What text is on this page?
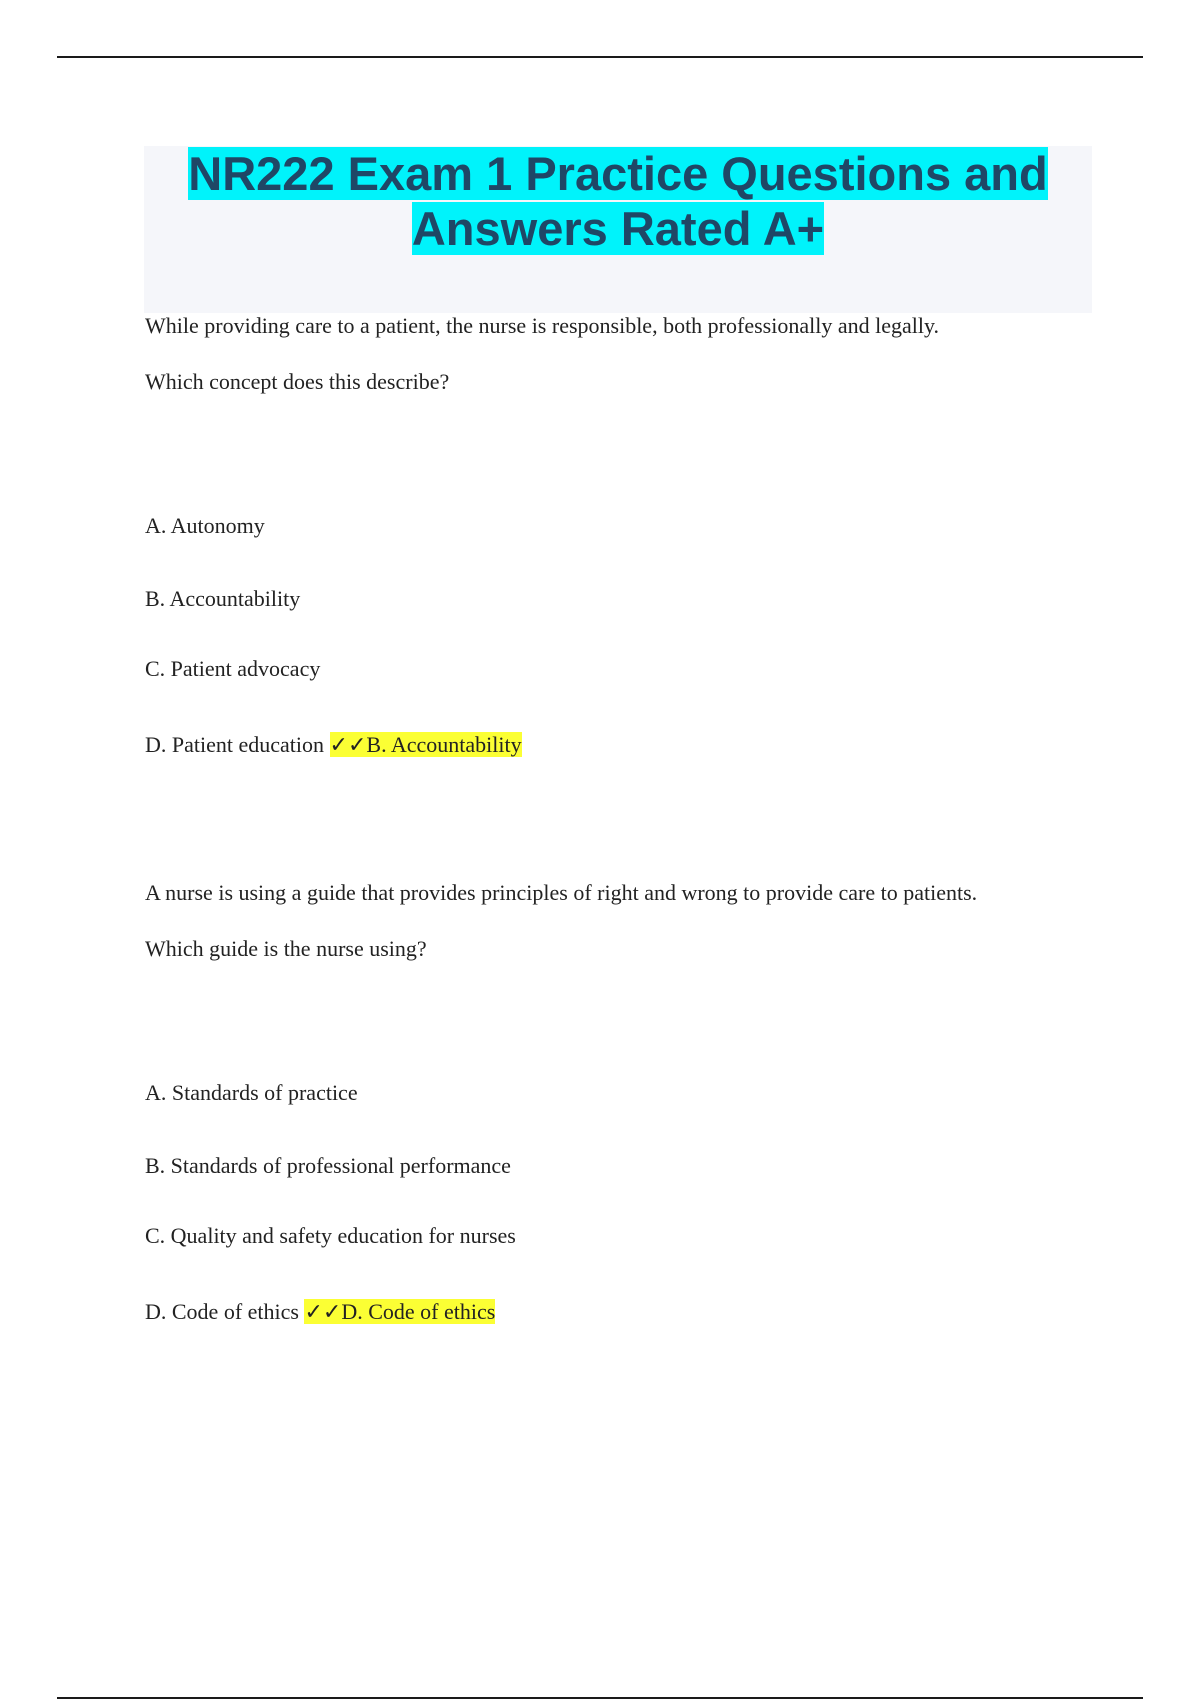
NR222 Exam 1 Practice Questions and
Answers Rated A+
While providing care to a patient, the nurse is responsible, both professionally and legally.
Which concept does this describe?
A. Autonomy
B. Accountability
C. Patient advocacy
D. Patient education ✓✓B. Accountability
A nurse is using a guide that provides principles of right and wrong to provide care to patients.
Which guide is the nurse using?
A. Standards of practice
B. Standards of professional performance
C. Quality and safety education for nurses
D. Code of ethics ✓✓D. Code of ethics
